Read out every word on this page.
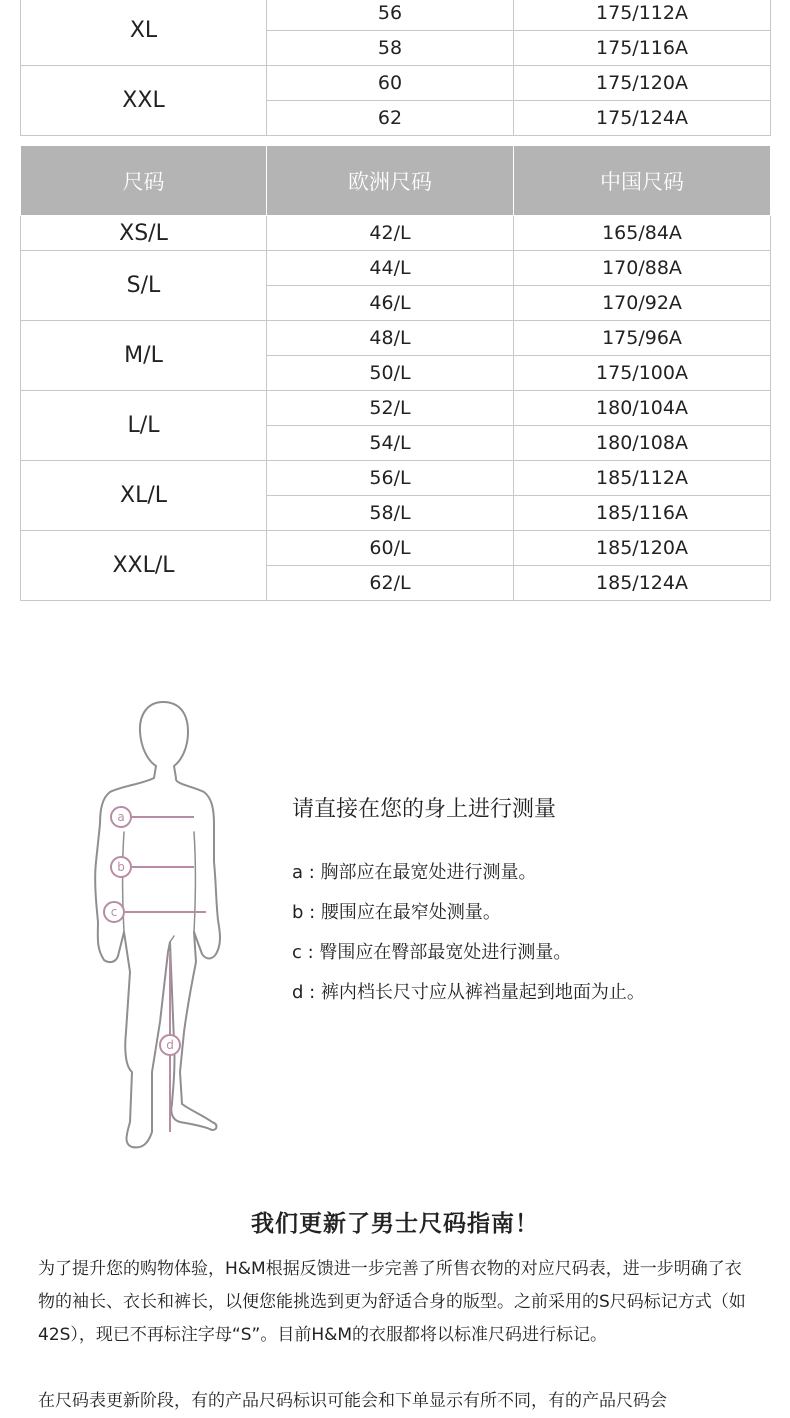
XL	56	175/112A
	58	175/116A
XXL	60	175/120A
	62	175/124A
尺码	欧洲尺码	中国尺码
XS/L	42/L	165/84A
S/L	44/L	170/88A
	46/L	170/92A
M/L	48/L	175/96A
	50/L	175/100A
L/L	52/L	180/104A
	54/L	180/108A
XL/L	56/L	185/112A
	58/L	185/116A
XXL/L	60/L	185/120A
	62/L	185/124A
a
b
c
d
请直接在您的身上进行测量
a : 胸部应在最宽处进行测量。
b : 腰围应在最窄处测量。
c : 臀围应在臀部最宽处进行测量。
d : 裤内档长尺寸应从裤裆量起到地面为止。
我们更新了男士尺码指南！
为了提升您的购物体验，H&M根据反馈进一步完善了所售衣物的对应尺码表，进一步明确了衣物的袖长、衣长和裤长，以便您能挑选到更为舒适合身的版型。之前采用的S尺码标记方式（如42S），现已不再标注字母“S”。目前H&M的衣服都将以标准尺码进行标记。
在尺码表更新阶段，有的产品尺码标识可能会和下单显示有所不同，有的产品尺码会
